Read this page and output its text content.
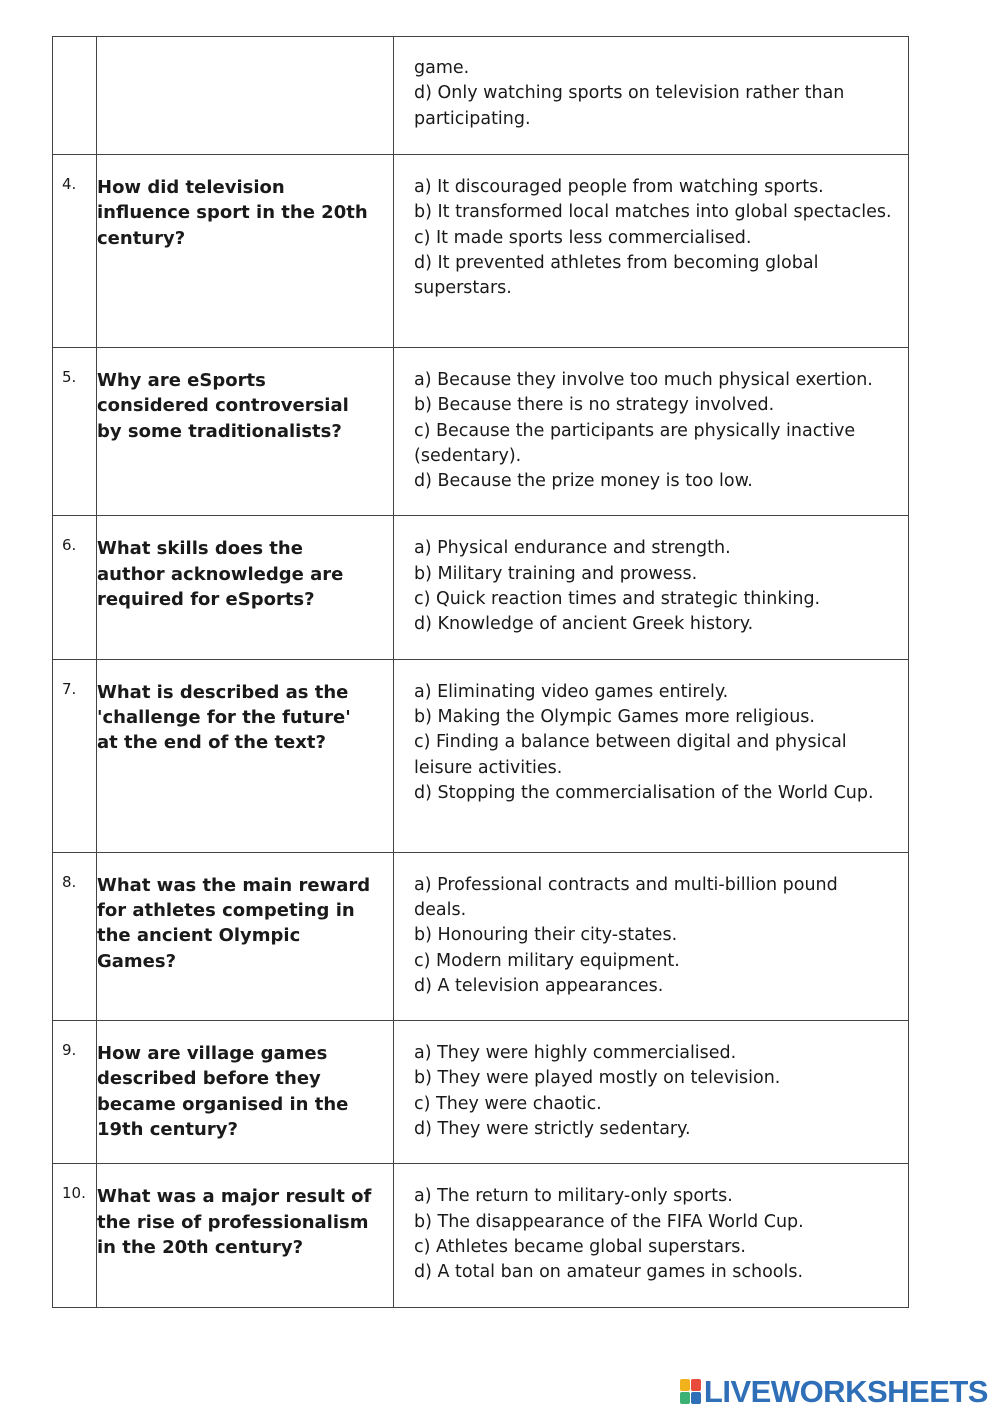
		game.
d) Only watching sports on television rather than participating.

4.	How did television influence sport in the 20th century?	a) It discouraged people from watching sports.
b) It transformed local matches into global spectacles.
c) It made sports less commercialised.
d) It prevented athletes from becoming global superstars.

5.	Why are eSports considered controversial by some traditionalists?	a) Because they involve too much physical exertion.
b) Because there is no strategy involved.
c) Because the participants are physically inactive (sedentary).
d) Because the prize money is too low.

6.	What skills does the author acknowledge are required for eSports?	a) Physical endurance and strength.
b) Military training and prowess.
c) Quick reaction times and strategic thinking.
d) Knowledge of ancient Greek history.

7.	What is described as the 'challenge for the future' at the end of the text?	a) Eliminating video games entirely.
b) Making the Olympic Games more religious.
c) Finding a balance between digital and physical leisure activities.
d) Stopping the commercialisation of the World Cup.

8.	What was the main reward for athletes competing in the ancient Olympic Games?	a) Professional contracts and multi-billion pound deals.
b) Honouring their city-states.
c) Modern military equipment.
d) A television appearances.

9.	How are village games described before they became organised in the 19th century?	a) They were highly commercialised.
b) They were played mostly on television.
c) They were chaotic.
d) They were strictly sedentary.

10.	What was a major result of the rise of professionalism in the 20th century?	a) The return to military-only sports.
b) The disappearance of the FIFA World Cup.
c) Athletes became global superstars.
d) A total ban on amateur games in schools.
LIVEWORKSHEETS
